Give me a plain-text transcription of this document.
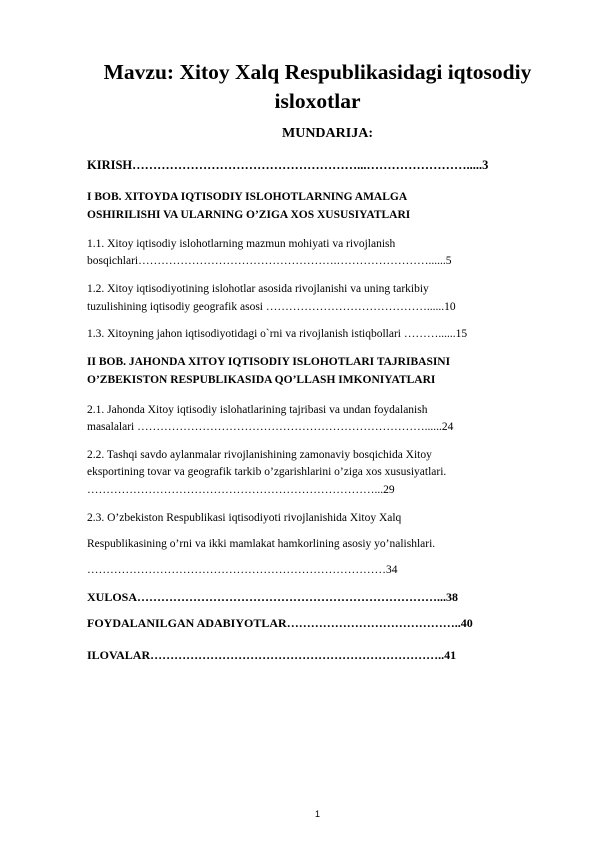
Mavzu: Xitoy Xalq Respublikasidagi iqtosodiy isloxotlar
MUNDARIJA:
KIRISH………………………………………………...…………………….....3
I BOB. XITOYDA IQTISODIY ISLOHOTLARNING AMALGA
OSHIRILISHI VA ULARNING O’ZIGA XOS XUSUSIYATLARI
1.1. Xitoy iqtisodiy islohotlarning mazmun mohiyati va rivojlanish
bosqichlari…………………………………………….……………………......5
1.2. Xitoy iqtisodiyotining islohotlar asosida rivojlanishi va uning tarkibiy
tuzulishining iqtisodiy geografik asosi ……………………………………......10
1.3. Xitoyning jahon iqtisodiyotidagi o`rni va rivojlanish istiqbollari ………......15
II BOB. JAHONDA XITOY IQTISODIY ISLOHOTLARI TAJRIBASINI
O’ZBEKISTON RESPUBLIKASIDA QO’LLASH IMKONIYATLARI
2.1. Jahonda Xitoy iqtisodiy islohatlarining tajribasi va undan foydalanish
masalalari …………………………………………………………………......24
2.2. Tashqi savdo aylanmalar rivojlanishining zamonaviy bosqichida Xitoy
eksportining tovar va geografik tarkib o’zgarishlarini o’ziga xos xususiyatlari.
…………………………………………………………………...29
2.3. O’zbekiston Respublikasi iqtisodiyoti rivojlanishida Xitoy Xalq
Respublikasining o’rni va ikki mamlakat hamkorlining asosiy yo’nalishlari.
……………………………………………………………………34
XULOSA…………………………………………………………………...38
FOYDALANILGAN ADABIYOTLAR……………………………………..40
ILOVALAR………………………………………………………………..41
1
